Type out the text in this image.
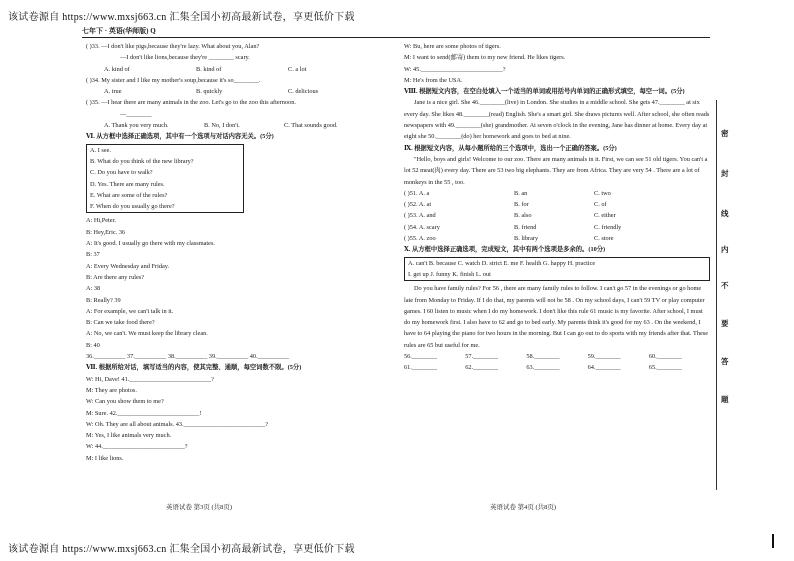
该试卷源自 https://www.mxsj663.cn 汇集全国小初高最新试卷，享更低价下载
七年下 · 英语(华师版) Q
( )33. —I don't like pigs,because they're lazy. What about you, Alan?
—I don't like lions,because they're ________ scary.
A. kind of	B. kind of	C. a lot
( )34. My sister and I like my mother's soup,because it's so________.
A. true	B. quickly	C. delicious
( )35. —I hear there are many animals in the zoo. Let's go to the zoo this afternoon.
—________
A. Thank you very much.	B. No, I don't.	C. That sounds good.
Ⅵ. 从方框中选择正确选项，其中有一个选项与对话内容无关。(5分)
A. I see.
B. What do you think of the new library?
C. Do you have to walk?
D. Yes. There are many rules.
E. What are some of the rules?
F. When do you usually go there?
A: Hi,Peter.
B: Hey,Eric. 36
A: It's good. I usually go there with my classmates.
B: 37
A: Every Wednesday and Friday.
B: Are there any rules?
A: 38
B: Really? 39
A: For example, we can't talk in it.
B: Can we take food there?
A: No, we can't. We must keep the library clean.
B: 40
36.__________ 37.__________ 38.__________ 39.__________ 40.__________
Ⅶ. 根据所给对话，填写适当的内容，使其完整、通顺，每空词数不限。(5分)
W: Hi, Dave! 41.__________________________?
M: They are photos.
W: Can you show them to me?
M: Sure. 42.__________________________!
W: Oh. They are all about animals. 43.__________________________?
M: Yes, I like animals very much.
W: 44.__________________________?
M: I like lions.
W: Bu, here are some photos of tigers.
M: I want to send(邮寄) them to my new friend. He likes tigers.
W: 45.__________________________?
M: He's from the USA.
Ⅷ. 根据短文内容，在空白处填入一个适当的单词或用括号内单词的正确形式填空，每空一词。(5分)
Jane is a nice girl. She 46.________(live) in London. She studies in a middle school. She gets 47.________ at six every day. She likes 48.________(read) English. She's a smart girl. She draws pictures well. After school, she often reads newspapers with 49.________(she) grandmother. At seven o'clock in the evening, Jane has dinner at home. Every day at eight she 50.________(do) her homework and goes to bed at nine.
Ⅸ. 根据短文内容，从每小题所给的三个选项中，选出一个正确的答案。(5分)
"Hello, boys and girls! Welcome to our zoo. There are many animals in it. First, we can see 51 old tigers. You can't a lot 52 meat(肉) every day. There are 53 two big elephants. They are from Africa. They are very 54 . There are a lot of monkeys in the 55 , too.
( )51. A. a	B. an	C. two
( )52. A. at	B. for	C. of
( )53. A. and	B. also	C. either
( )54. A. scary	B. friend	C. friendly
( )55. A. zoo	B. library	C. store
Ⅹ. 从方框中选择正确选项，完成短文，其中有两个选项是多余的。(10分)
A. can't B. because C. watch D. strict E. me F. health G. happy H. practice
I. get up J. funny K. finish L. out
Do you have family rules? For 56 , there are many family rules to follow. I can't go 57 in the evenings or go home late from Monday to Friday. If I do that, my parents will not be 58 . On my school days, I can't 59 TV or play computer games. I 60 listen to music when I do my homework. I don't like this rule 61 music is my favorite. After school, I must do my homework first. I also have to 62 and go to bed early. My parents think it's good for my 63 . On the weekend, I have to 64 playing the piano for two hours in the morning. But I can go out to do sports with my friends after that. These rules are 65 but useful for me.
56.________	57.________	58.________	59.________	60.________
61.________	62.________	63.________	64.________	65.________
英语试卷 第3页 (共8页)	英语试卷 第4页 (共8页)
密
封
线
内
不
要
答
题
该试卷源自 https://www.mxsj663.cn 汇集全国小初高最新试卷，享更低价下载
